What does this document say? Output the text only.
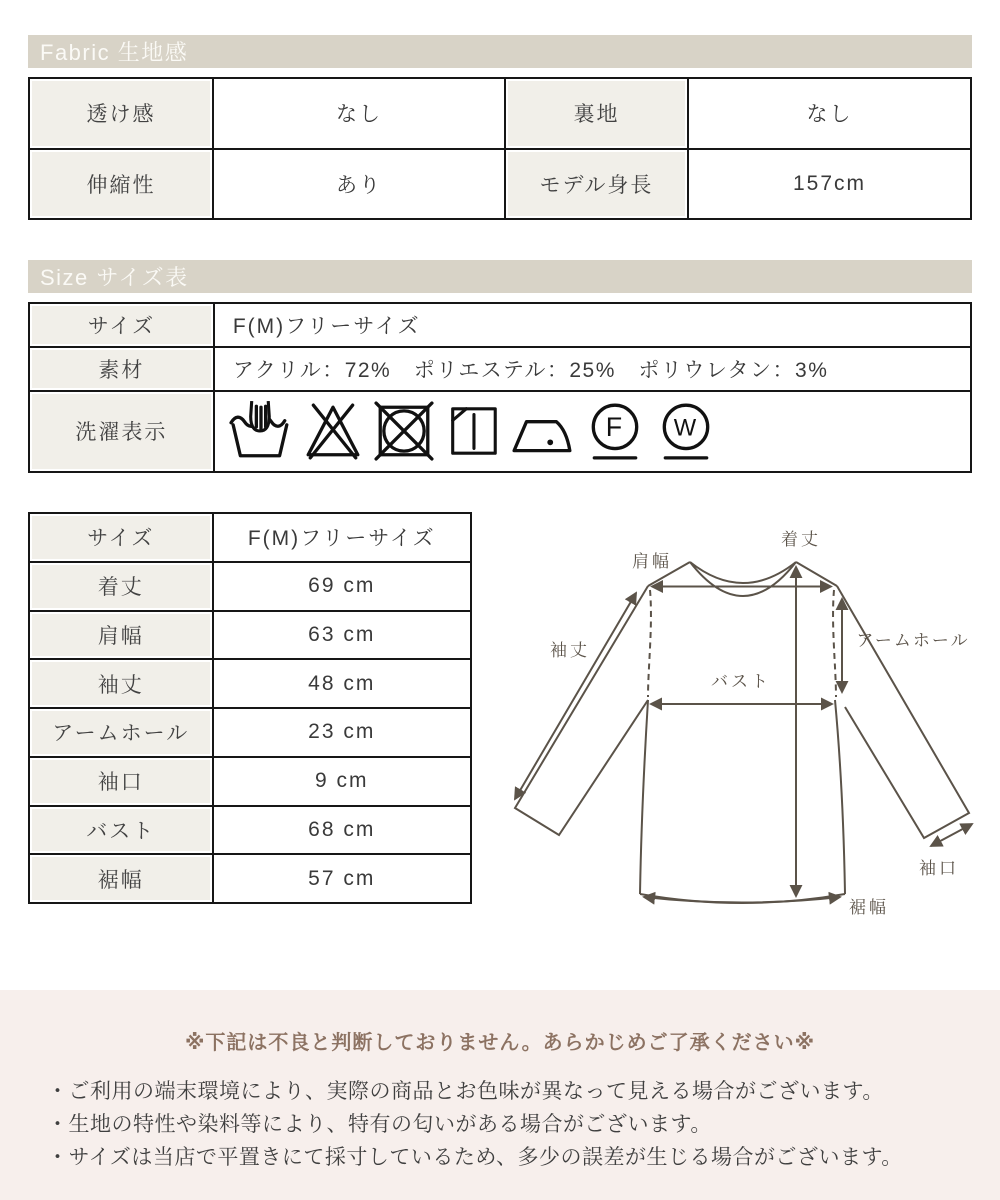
Fabric 生地感
透け感	なし	裏地	なし
伸縮性	あり	モデル身長	157cm
Size サイズ表
サイズ	F(M)フリーサイズ
素材	アクリル：72%　ポリエステル：25%　ポリウレタン：3%
洗濯表示	F W
サイズ	F(M)フリーサイズ
着丈	69 cm
肩幅	63 cm
袖丈	48 cm
アームホール	23 cm
袖口	9 cm
バスト	68 cm
裾幅	57 cm
着丈
肩幅
袖丈
アームホール
バスト
袖口
裾幅
※下記は不良と判断しておりません。あらかじめご了承ください※
・ご利用の端末環境により、実際の商品とお色味が異なって見える場合がございます。
・生地の特性や染料等により、特有の匂いがある場合がございます。
・サイズは当店で平置きにて採寸しているため、多少の誤差が生じる場合がございます。
